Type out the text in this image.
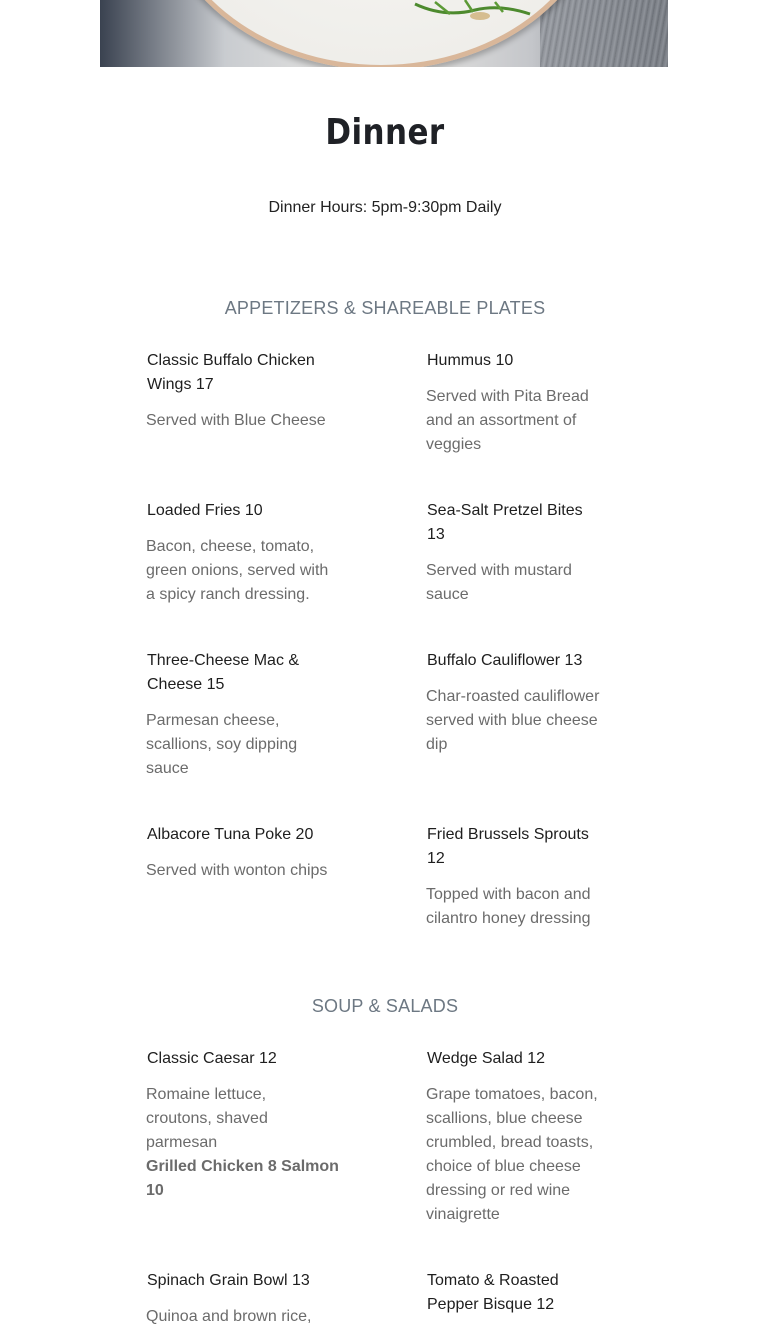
Dinner
Dinner Hours: 5pm-9:30pm Daily
APPETIZERS & SHAREABLE PLATES
Classic Buffalo Chicken Wings 17
Served with Blue Cheese
Hummus 10
Served with Pita Bread and an assortment of veggies
Loaded Fries 10
Bacon, cheese, tomato, green onions, served with a spicy ranch dressing.
Sea-Salt Pretzel Bites 13
Served with mustard sauce
Three-Cheese Mac & Cheese 15
Parmesan cheese, scallions, soy dipping sauce
Buffalo Cauliflower 13
Char-roasted cauliflower served with blue cheese dip
Albacore Tuna Poke 20
Served with wonton chips
Fried Brussels Sprouts 12
Topped with bacon and cilantro honey dressing
SOUP & SALADS
Classic Caesar 12
Romaine lettuce, croutons, shaved parmesan
Grilled Chicken 8 Salmon 10
Wedge Salad 12
Grape tomatoes, bacon, scallions, blue cheese crumbled, bread toasts, choice of blue cheese dressing or red wine vinaigrette
Spinach Grain Bowl 13
Quinoa and brown rice,
Tomato & Roasted Pepper Bisque 12
